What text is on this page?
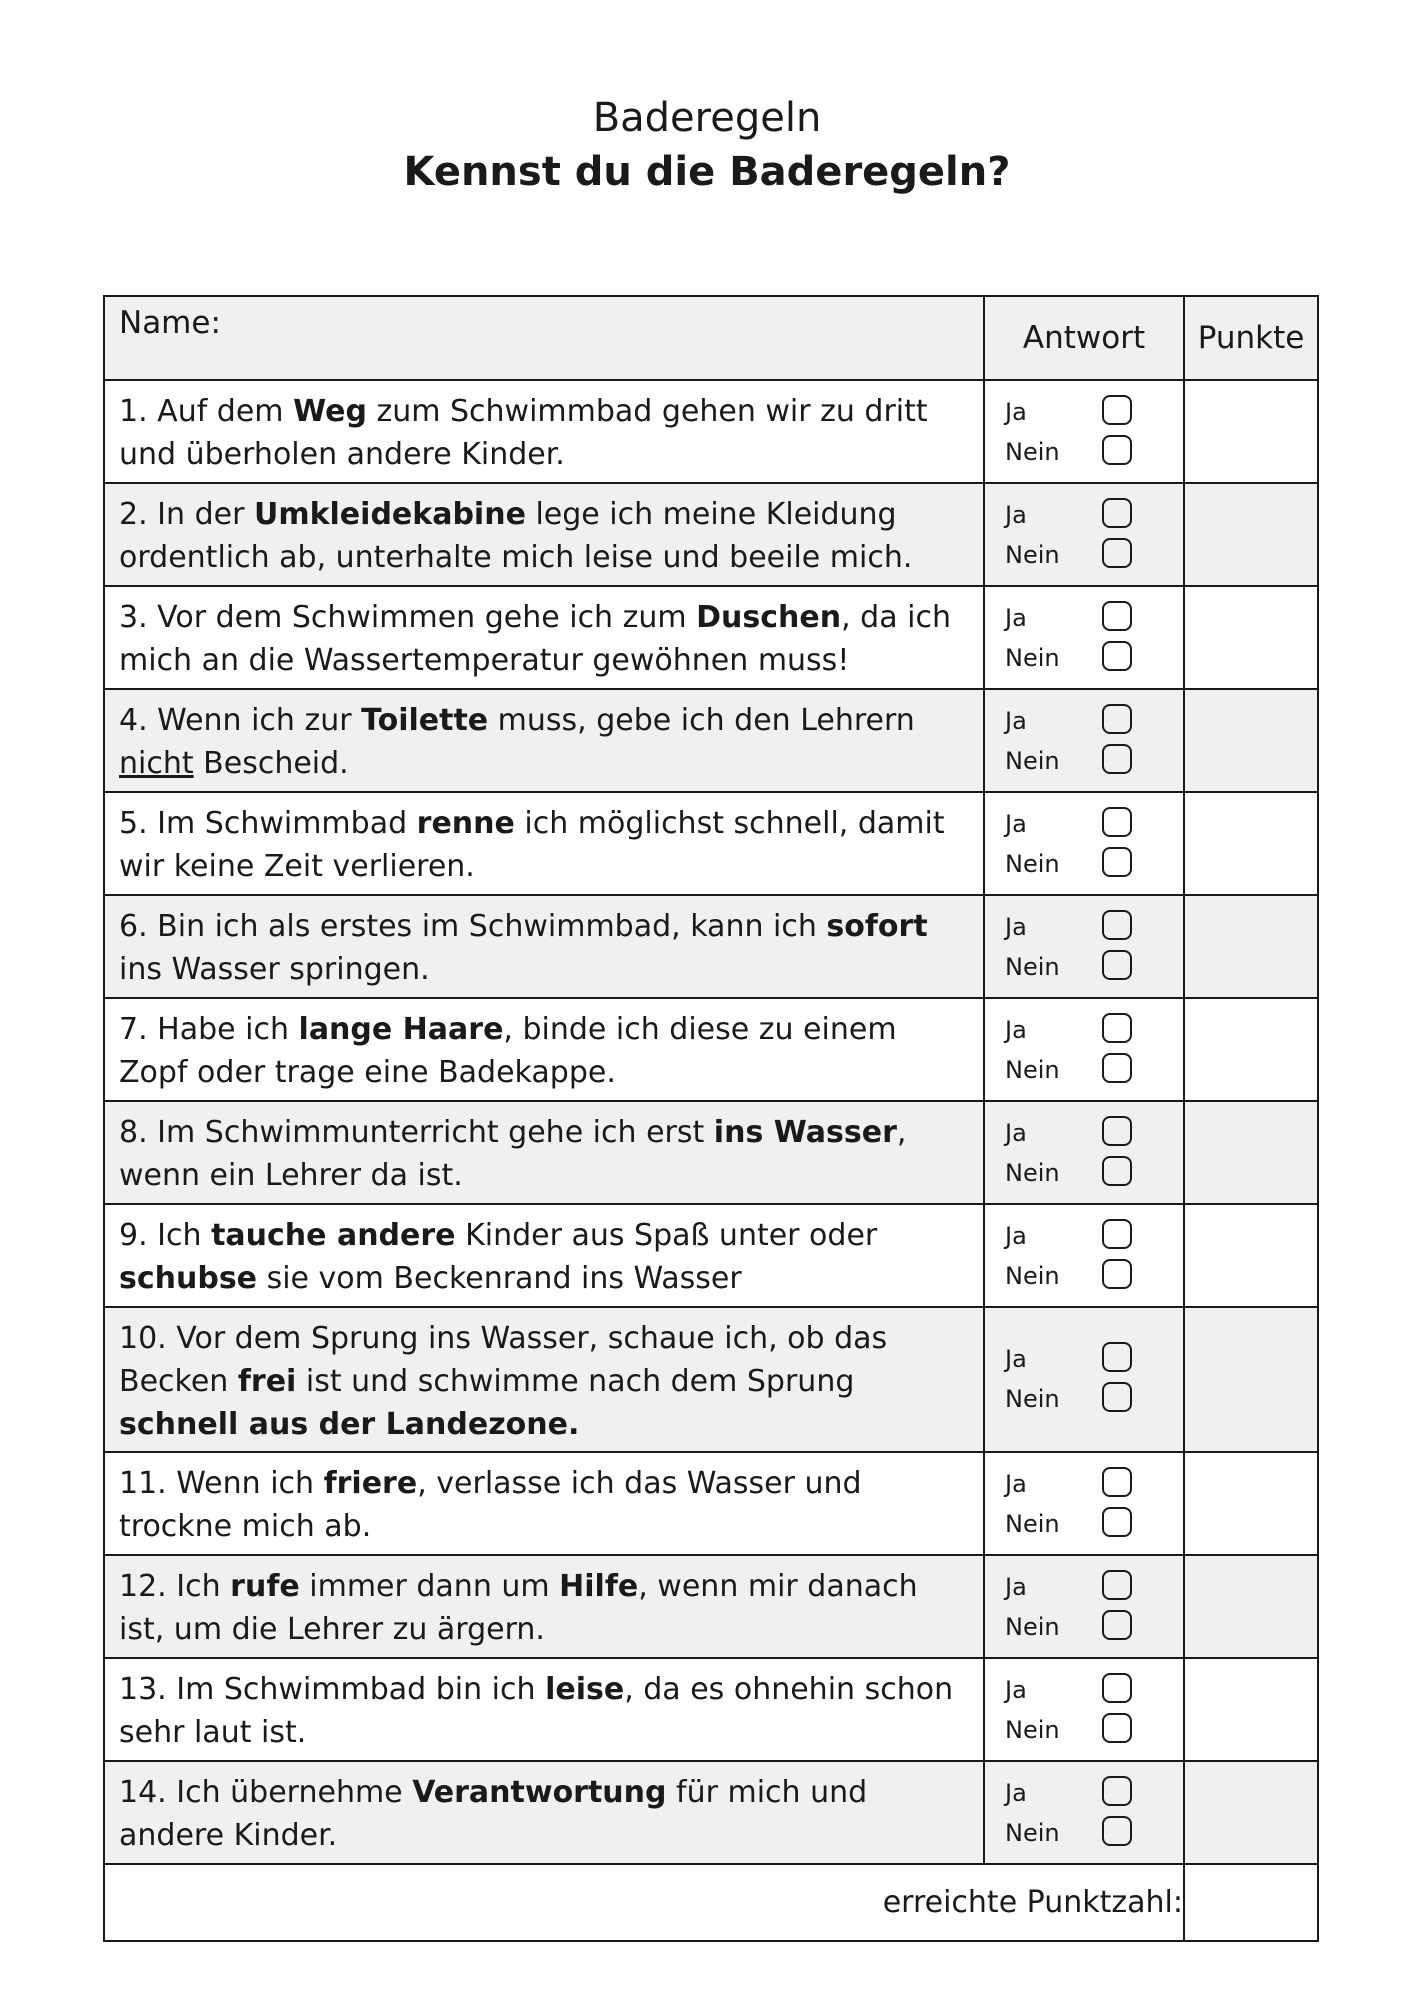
Baderegeln
Kennst du die Baderegeln?
Name:	Antwort	Punkte

1. Auf dem Weg zum Schwimmbad gehen wir zu dritt und überholen andere Kinder.	Ja
Nein	

2. In der Umkleidekabine lege ich meine Kleidung ordentlich ab, unterhalte mich leise und beeile mich.	Ja
Nein	

3. Vor dem Schwimmen gehe ich zum Duschen, da ich mich an die Wassertemperatur gewöhnen muss!	Ja
Nein	

4. Wenn ich zur Toilette muss, gebe ich den Lehrern nicht Bescheid.	Ja
Nein	

5. Im Schwimmbad renne ich möglichst schnell, damit wir keine Zeit verlieren.	Ja
Nein	

6. Bin ich als erstes im Schwimmbad, kann ich sofort ins Wasser springen.	Ja
Nein	

7. Habe ich lange Haare, binde ich diese zu einem Zopf oder trage eine Badekappe.	Ja
Nein	

8. Im Schwimmunterricht gehe ich erst ins Wasser, wenn ein Lehrer da ist.	Ja
Nein	

9. Ich tauche andere Kinder aus Spaß unter oder schubse sie vom Beckenrand ins Wasser	Ja
Nein	

10. Vor dem Sprung ins Wasser, schaue ich, ob das Becken frei ist und schwimme nach dem Sprung schnell aus der Landezone.	Ja
Nein	

11. Wenn ich friere, verlasse ich das Wasser und trockne mich ab.	Ja
Nein	

12. Ich rufe immer dann um Hilfe, wenn mir danach ist, um die Lehrer zu ärgern.	Ja
Nein	

13. Im Schwimmbad bin ich leise, da es ohnehin schon sehr laut ist.	Ja
Nein	

14. Ich übernehme Verantwortung für mich und andere Kinder.	Ja
Nein	

erreichte Punktzahl:		
